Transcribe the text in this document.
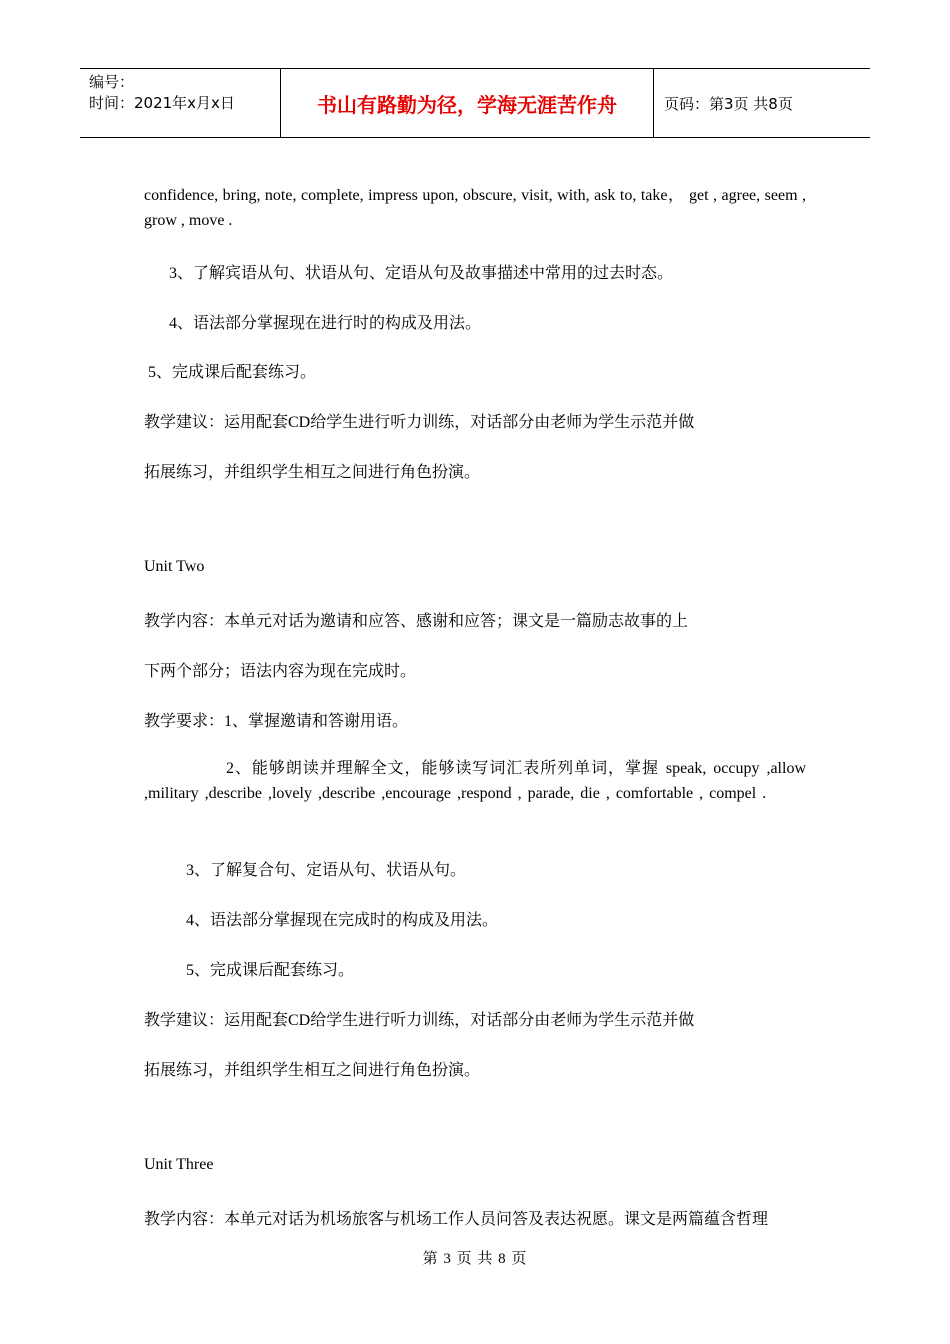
编号：
时间：2021年x月x日	书山有路勤为径，学海无涯苦作舟	页码：第3页 共8页
confidence, bring, note, complete, impress upon, obscure, visit, with, ask to, take， get , agree, seem , grow , move .
3、了解宾语从句、状语从句、定语从句及故事描述中常用的过去时态。
4、语法部分掌握现在进行时的构成及用法。
5、完成课后配套练习。
教学建议：运用配套CD给学生进行听力训练，对话部分由老师为学生示范并做
拓展练习，并组织学生相互之间进行角色扮演。
Unit Two
教学内容：本单元对话为邀请和应答、感谢和应答；课文是一篇励志故事的上
下两个部分；语法内容为现在完成时。
教学要求：1、掌握邀请和答谢用语。
2、能够朗读并理解全文，能够读写词汇表所列单词，掌握 speak, occupy ,allow ,military ,describe ,lovely ,describe ,encourage ,respond , parade, die , comfortable , compel .
3、了解复合句、定语从句、状语从句。
4、语法部分掌握现在完成时的构成及用法。
5、完成课后配套练习。
教学建议：运用配套CD给学生进行听力训练，对话部分由老师为学生示范并做
拓展练习，并组织学生相互之间进行角色扮演。
Unit Three
教学内容：本单元对话为机场旅客与机场工作人员问答及表达祝愿。课文是两篇蕴含哲理
第 3 页 共 8 页
